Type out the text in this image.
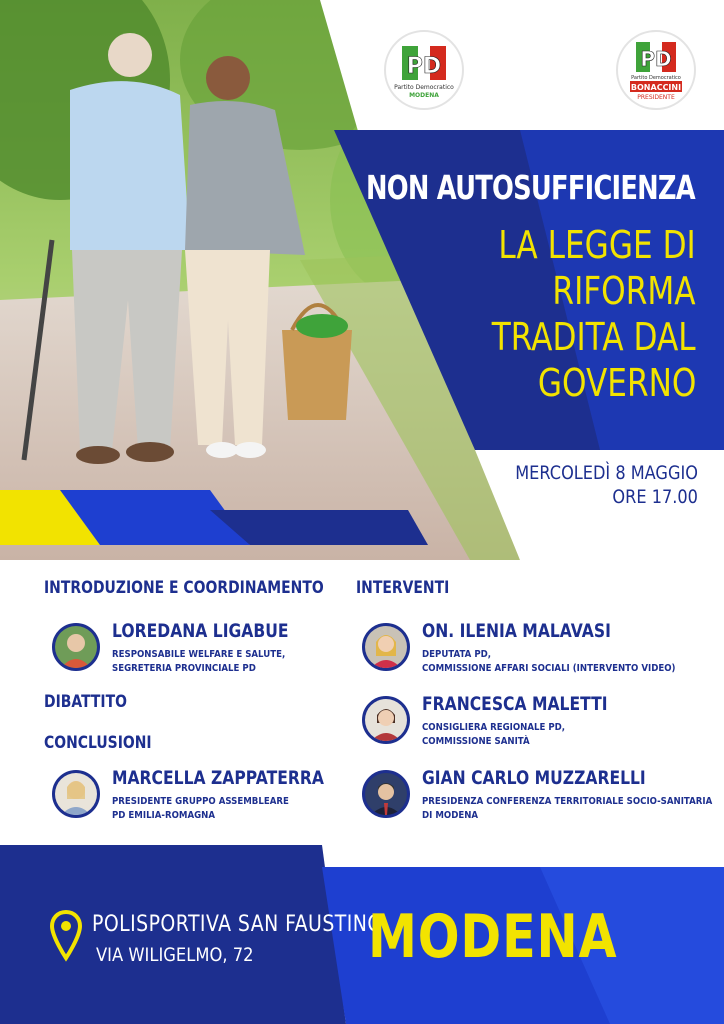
NON AUTOSUFFICIENZA
LA LEGGE DI
RIFORMA
TRADITA DAL
GOVERNO
MERCOLEDÌ 8 MAGGIO
ORE 17.00
PD
Partito Democratico
MODENA
PD
Partito Democratico
BONACCINI
PRESIDENTE
INTRODUZIONE E COORDINAMENTO
LOREDANA LIGABUE
RESPONSABILE WELFARE E SALUTE,
SEGRETERIA PROVINCIALE PD
DIBATTITO
CONCLUSIONI
MARCELLA ZAPPATERRA
PRESIDENTE GRUPPO ASSEMBLEARE
PD EMILIA-ROMAGNA
INTERVENTI
ON. ILENIA MALAVASI
DEPUTATA PD,
COMMISSIONE AFFARI SOCIALI (INTERVENTO VIDEO)
FRANCESCA MALETTI
CONSIGLIERA REGIONALE PD,
COMMISSIONE SANITÀ
GIAN CARLO MUZZARELLI
PRESIDENZA CONFERENZA TERRITORIALE SOCIO-SANITARIA
DI MODENA
POLISPORTIVA SAN FAUSTINO
VIA WILIGELMO, 72 MODENA
